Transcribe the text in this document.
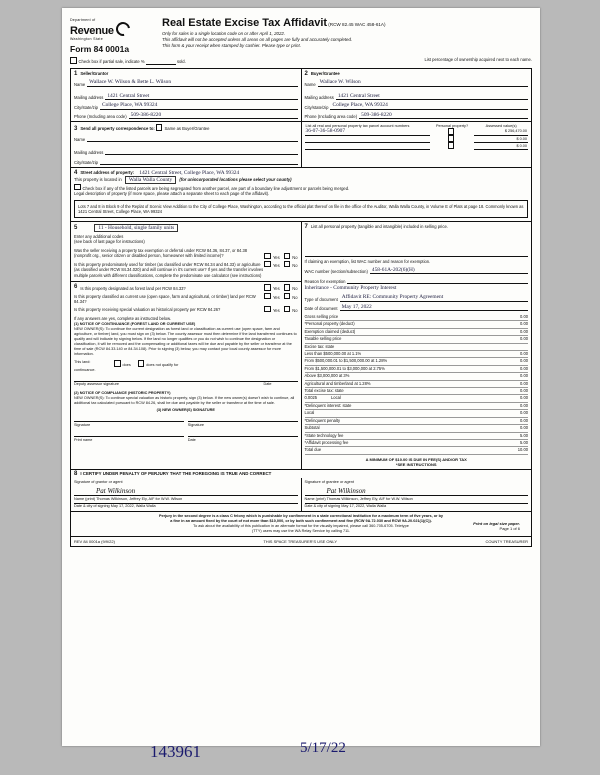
Department of
Revenue
Washington State
Form 84 0001a
Real Estate Excise Tax Affidavit (RCW 82.45 WAC 458-61A)
Only for sales in a single location code on or after April 1, 2022.
This affidavit will not be accepted unless all areas on all pages are fully and accurately completed.
This form & your receipt when stamped by cashier. Please type or print.
Check box if partial sale, indicate %	sold.	List percentage of ownership acquired next to each name.
1 Seller/Grantor
Name Wallace W. Wilson & Bette L. Wilson
Mailing address 1421 Central Street
City/state/zip College Place, WA 99324
Phone (Including area code) 509-386-8220
2 Buyer/Grantee
Name Wallace W. Wilson
Mailing address 1421 Central Street
City/state/zip College Place, WA 99324
Phone (Including area code) 509-386-8220
3 Send all property correspondence to: Same as Buyer/Grantee
Name
Mailing address
City/state/zip
List all real and personal property tax parcel account numbers	Personal property?	Assessed value(s)
36-07-36-58-0907		$ 256,470.00
		$ 0.00
		$ 0.00
4 Street address of property: 1421 Central Street, College Place, WA 99324
This property is located in Walla Walla County (for unincorporated locations please select your county)
Check box if any of the listed parcels are being segregated from another parcel, are part of a boundary line adjustment or parcels being merged.
Legal description of property (if more space, please attach a separate sheet to each page of the affidavit).
Lots 7 and 8 in Block 9 of the Replat of Scenic View Addition to the City of College Place, Washington, according to the official plat thereof on file in the office of the Auditor, Walla Walla County, in Volume E of Plats at page 18. Commonly known as 1421 Central Street, College Place, WA 99324
5	11 - Household, single family units
Enter any additional codes
(see back of last page for instructions)
Was the seller receiving a property tax exemption or deferral under RCW 84.36, 84.37, or 84.38 (nonprofit org., senior citizen or disabled person, homeowner with limited income)?	Yes	No
Is this property predominately used for timber (as classified under RCW 84.34 and 84.33) or agriculture (as classified under RCW 84.34.020) and will continue in it's current use? If yes and the transfer involves multiple parcels with different classifications, complete the predominate use calculator (see instructions)
Yes	No
6 Is this property designated as forest land per RCW 84.33?	Yes	No
Is this property classified as current use (open space, farm and agricultural, or timber) land per RCW 84.34?
Yes	No
Is this property receiving special valuation as historical property per RCW 84.26?	Yes	No
If any answers are yes, complete as instructed below.
(1) NOTICE OF CONTINUANCE (FOREST LAND OR CURRENT USE)
NEW OWNER(S): To continue the current designation as forest land or classification as current use (open space, farm and agriculture, or timber) land, you must sign on (3) below. The county assessor must then determine if the land transferred continues to qualify and will indicate by signing below. If the land no longer qualifies or you do not wish to continue the designation or classification, it will be removed and the compensating or additional taxes will be due and payable by the seller or transferor at the time of sale (RCW 84.33.140 or 84.34.108). Prior to signing (3) below, you may contact your local county assessor for more information.
This land:
does	does not qualify for
continuance.
Deputy assessor signature	Date
(2) NOTICE OF COMPLIANCE (HISTORIC PROPERTY)
NEW OWNER(S): To continue special valuation as historic property, sign (3) below. If the new owner(s) doesn't wish to continue, all additional tax calculated pursuant to RCW 84.26, shall be due and payable by the seller or transferor at the time of sale.
(3) NEW OWNER(S) SIGNATURE
Signature	Signature
Print name	Date
7 List all personal property (tangible and intangible) included in selling price.
If claiming an exemption, list WAC number and reason for exemption.
WAC number (section/subsection) 458-61A-202(6)(H)
Reason for exemption
Inheritance - Community Property Interest
Type of document Affidavit RE: Community Property Agreement
Date of document May 17, 2022
Gross selling price	0.00
*Personal property (deduct)	0.00
Exemption claimed (deduct)	0.00
Taxable selling price	0.00
Excise tax: state
Less than $500,000.00 at 1.1%	0.00
From $500,000.01 to $1,500,000.00 at 1.28%	0.00
From $1,500,000.01 to $3,000,000 at 2.75%	0.00
Above $3,000,000 at 3%	0.00
Agricultural and timberland at 1.28%	0.00
Total excise tax: state	0.00
0.0025	Local	0.00
*Delinquent interest: state	0.00
Local	0.00
*Delinquent penalty	0.00
Subtotal	0.00
*State technology fee	5.00
*Affidavit processing fee	5.00
Total due	10.00
A MINIMUM OF $10.00 IS DUE IN FEE(S) AND/OR TAX
*SEE INSTRUCTIONS
8 I CERTIFY UNDER PENALTY OF PERJURY THAT THE FOREGOING IS TRUE AND CORRECT
Signature of grantor or agent
Pat Wilkinson
Name (print) Thomas Wilkinson, Jeffrey Ely, AIF for W.W. Wilson
Date & city of signing May 17, 2022, Walla Walla
Signature of grantee or agent
Pat Wilkinson
Name (print) Thomas Wilkinson, Jeffrey Ely, AIF for W.W. Wilson
Date & city of signing May 17, 2022, Walla Walla
Perjury in the second degree is a class C felony which is punishable by confinement in a state correctional institution for a maximum term of five years, or by
a fine in an amount fixed by the court of not more than $10,000, or by both such confinement and fine (RCW 9A.72.030 and RCW 9A.20.021(1)(C)).
To ask about the availability of this publication in an alternate format for the visually impaired, please call 360-705-6705. Teletype
(TTY) users may use the WA Relay Service by calling 711.
REV 84 0001a (9/9/22)	THIS SPACE TREASURER'S USE ONLY	COUNTY TREASURER
Print on legal size paper.
Page 1 of 6
143961	5/17/22
